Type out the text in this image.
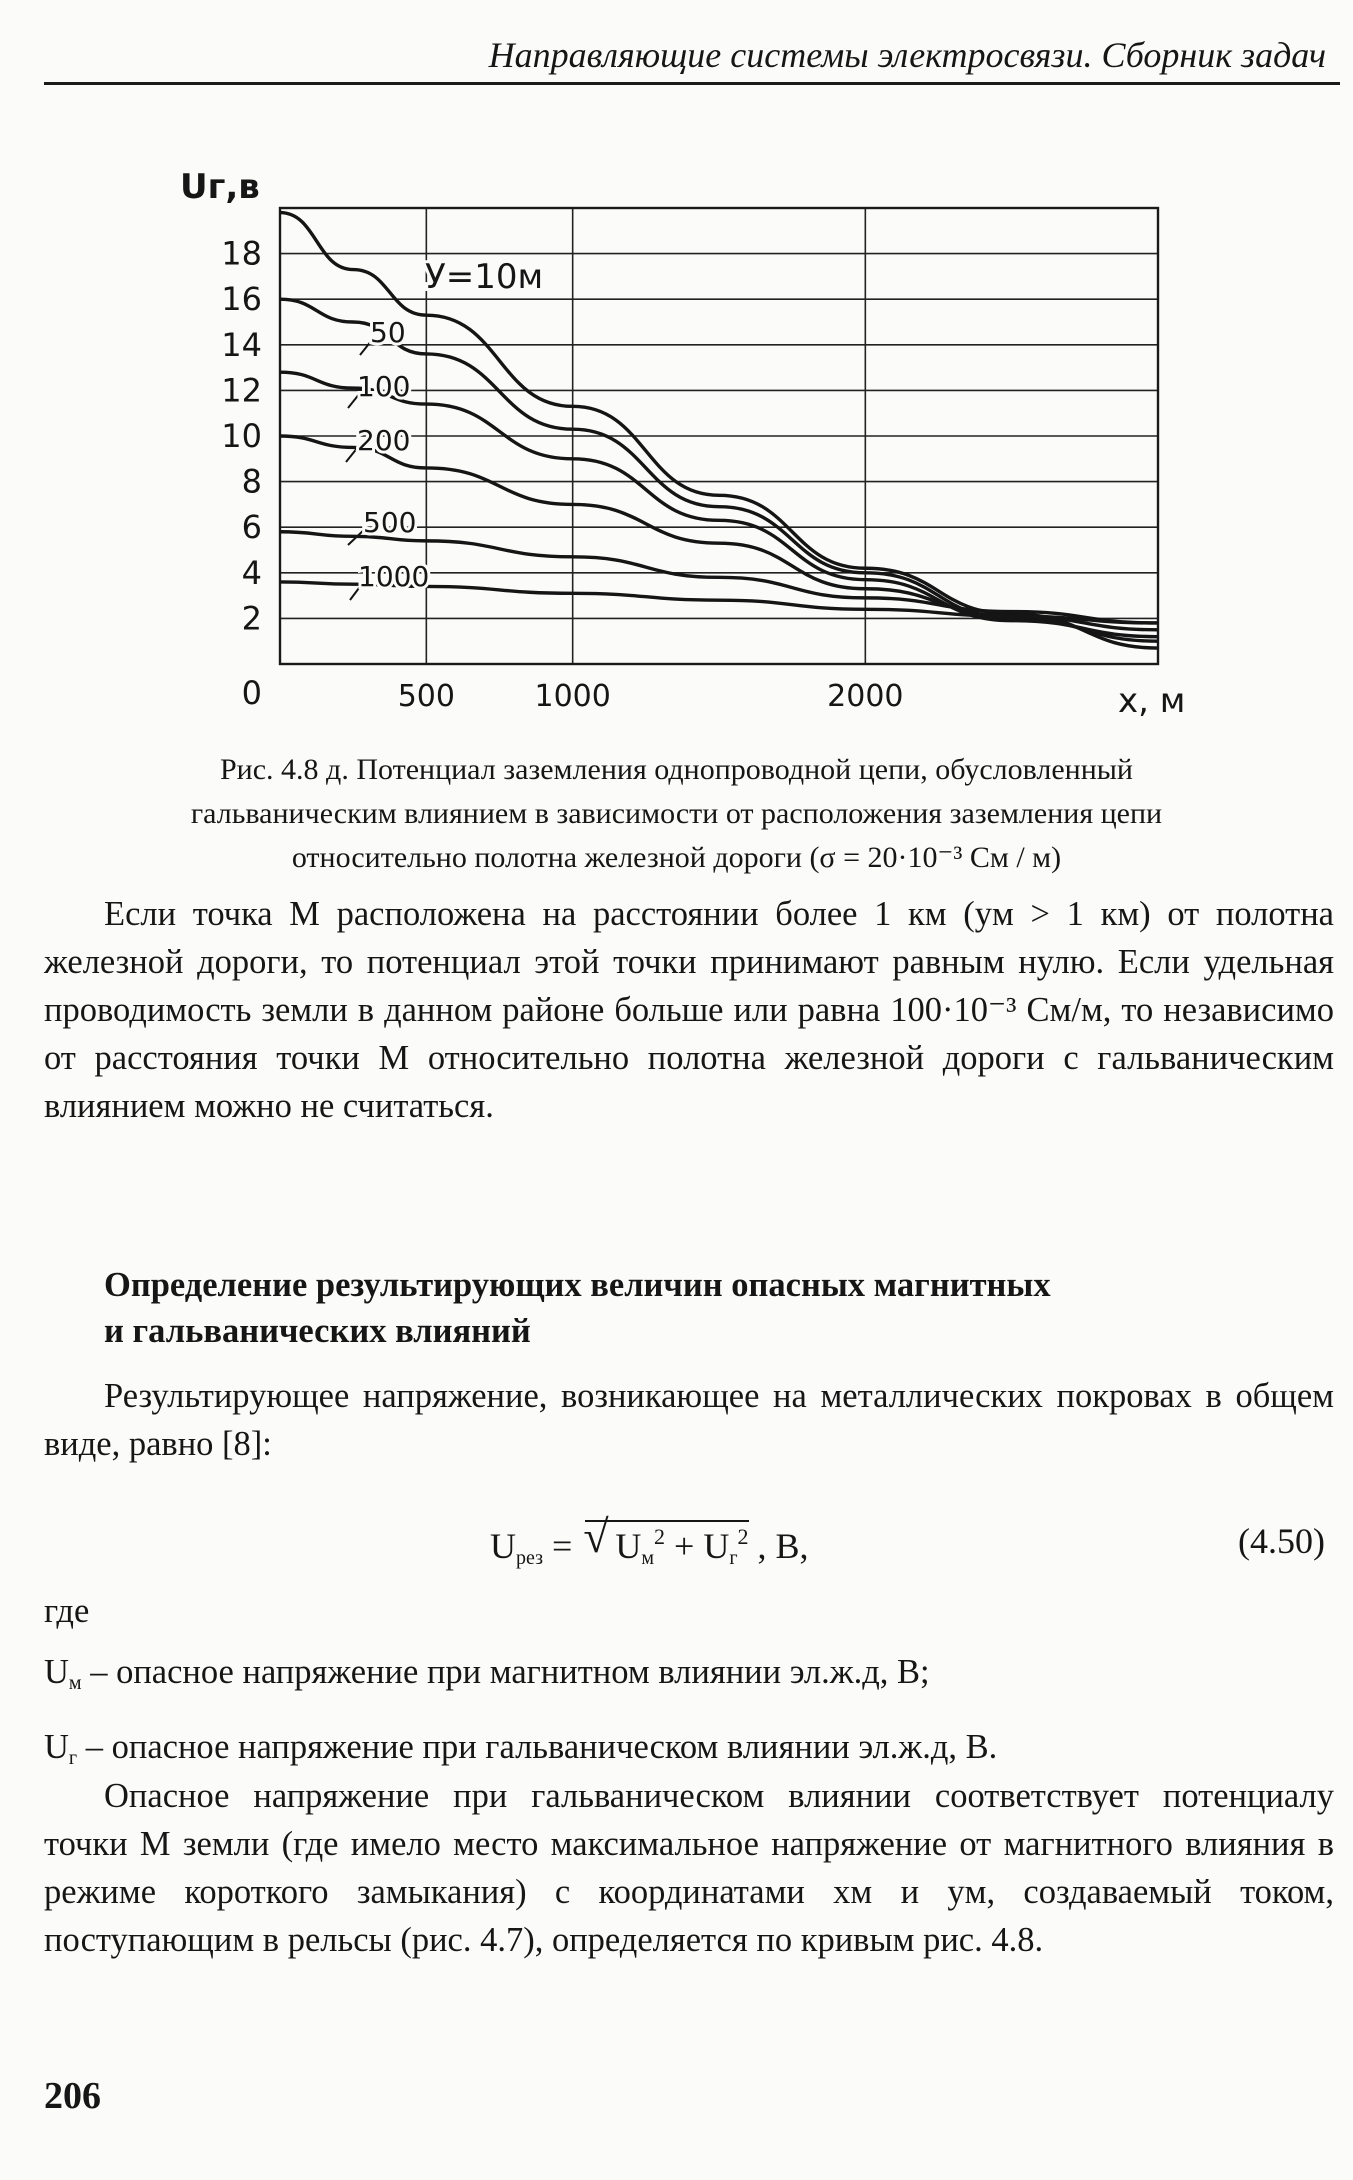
Направляющие системы электросвязи. Сборник задач
18
16
14
12
10
8
6
4
2
0	500	1000	2000
Uг,в
x, м
У=10м
50
100
200
500
1000

Рис. 4.8 д. Потенциал заземления однопроводной цепи, обусловленный

гальваническим влиянием в зависимости от расположения заземления цепи

относительно полотна железной дороги (σ = 20·10⁻³ См / м)

Если точка М расположена на расстоянии более 1 км (yм > 1 км) от полотна железной дороги, то потенциал этой точки принимают равным нулю. Если удельная проводимость земли в данном районе больше или равна 100·10⁻³ См/м, то независимо от расстояния точки М относительно полотна железной дороги с гальваническим влиянием можно не считаться.

Определение результирующих величин опасных магнитных
и гальванических влияний

Результирующее напряжение, возникающее на металлических покровах в общем виде, равно [8]:

$U_{рез}$ = √ $U_м^2 + U_г^2$ , В,	(4.50)
где
$U_м$ – опасное напряжение при магнитном влиянии эл.ж.д, В;
$U_г$ – опасное напряжение при гальваническом влиянии эл.ж.д, В.

Опасное напряжение при гальваническом влиянии соответствует потенциалу точки М земли (где имело место максимальное напряжение от магнитного влияния в режиме короткого замыкания) с координатами xм и yм, создаваемый током, поступающим в рельсы (рис. 4.7), определяется по кривым рис. 4.8.

206
